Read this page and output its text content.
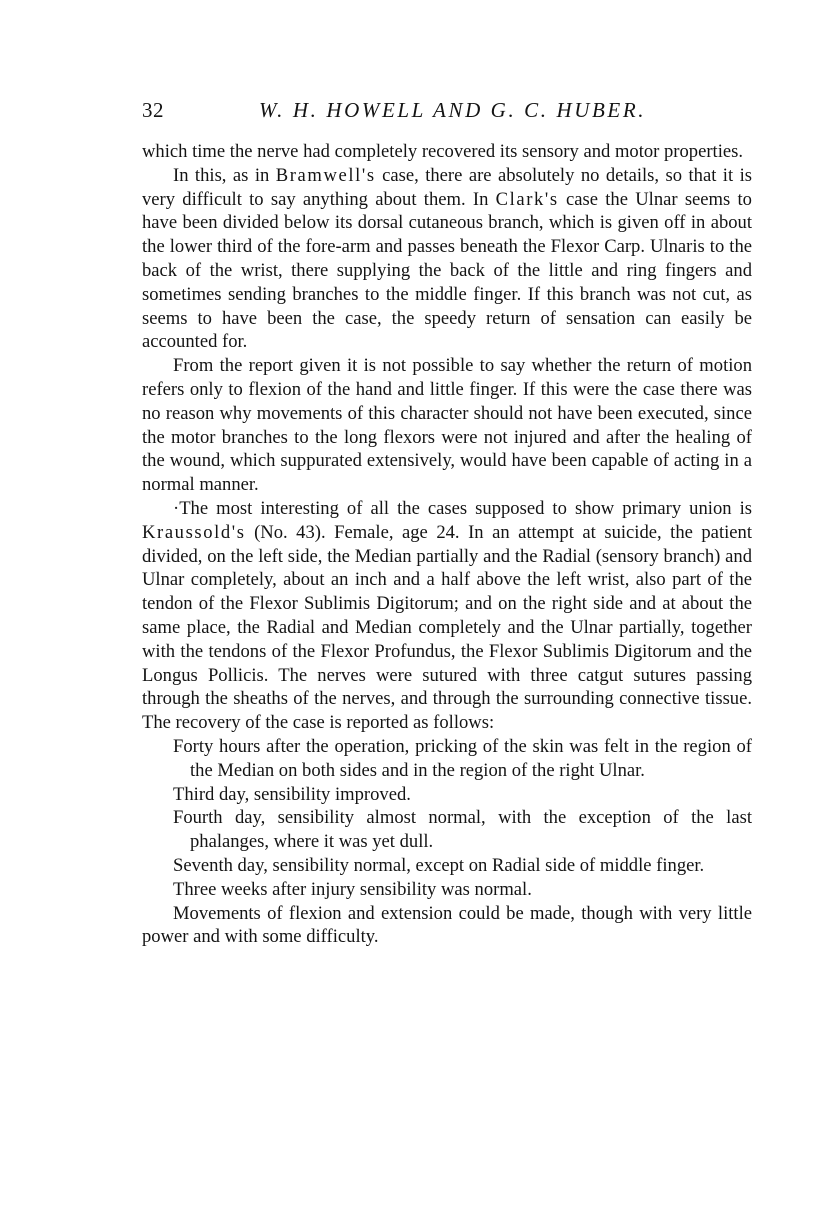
32	W. H. HOWELL AND G. C. HUBER.

which time the nerve had completely recovered its sensory and motor properties.

In this, as in Bramwell's case, there are absolutely no details, so that it is very difficult to say anything about them. In Clark's case the Ulnar seems to have been divided below its dorsal cutaneous branch, which is given off in about the lower third of the fore-arm and passes beneath the Flexor Carp. Ulnaris to the back of the wrist, there supplying the back of the little and ring fingers and sometimes sending branches to the middle finger. If this branch was not cut, as seems to have been the case, the speedy return of sensation can easily be accounted for.

From the report given it is not possible to say whether the return of motion refers only to flexion of the hand and little finger. If this were the case there was no reason why movements of this character should not have been executed, since the motor branches to the long flexors were not injured and after the healing of the wound, which suppurated extensively, would have been capable of acting in a normal manner.

·The most interesting of all the cases supposed to show primary union is Kraussold's (No. 43). Female, age 24. In an attempt at suicide, the patient divided, on the left side, the Median partially and the Radial (sensory branch) and Ulnar completely, about an inch and a half above the left wrist, also part of the tendon of the Flexor Sublimis Digitorum; and on the right side and at about the same place, the Radial and Median completely and the Ulnar partially, together with the tendons of the Flexor Profundus, the Flexor Sublimis Digitorum and the Longus Pollicis. The nerves were sutured with three catgut sutures passing through the sheaths of the nerves, and through the surrounding connective tissue. The recovery of the case is reported as follows:

Forty hours after the operation, pricking of the skin was felt in the region of the Median on both sides and in the region of the right Ulnar.

Third day, sensibility improved.

Fourth day, sensibility almost normal, with the exception of the last phalanges, where it was yet dull.

Seventh day, sensibility normal, except on Radial side of middle finger.

Three weeks after injury sensibility was normal.

Movements of flexion and extension could be made, though with very little power and with some difficulty.
